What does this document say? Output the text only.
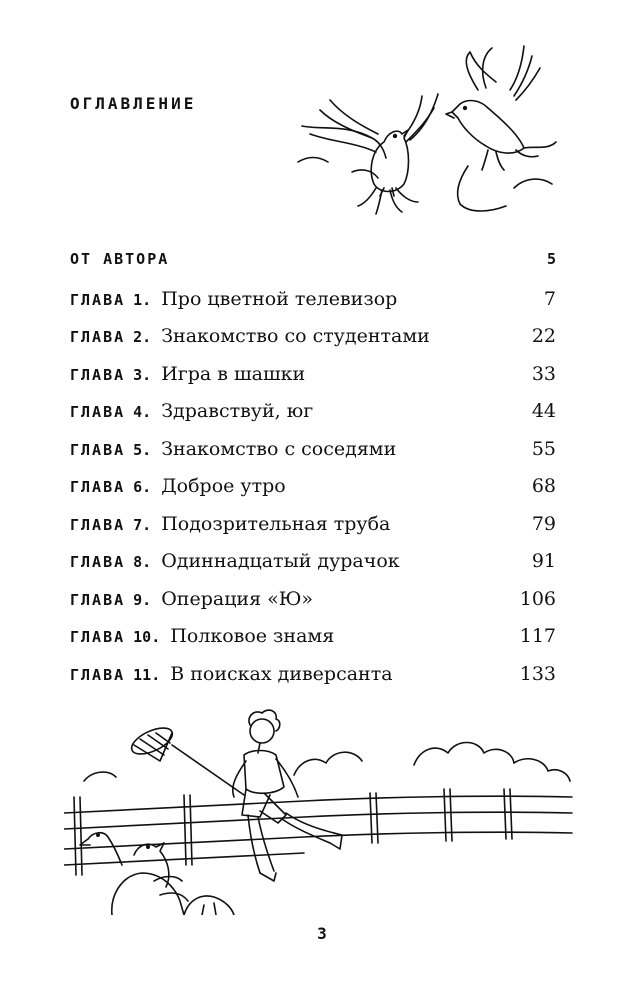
ОГЛАВЛЕНИЕ
ОТ АВТОРА	5
ГЛАВА 1. Про цветной телевизор	7
ГЛАВА 2. Знакомство со студентами	22
ГЛАВА 3. Игра в шашки	33
ГЛАВА 4. Здравствуй, юг	44
ГЛАВА 5. Знакомство с соседями	55
ГЛАВА 6. Доброе утро	68
ГЛАВА 7. Подозрительная труба	79
ГЛАВА 8. Одиннадцатый дурачок	91
ГЛАВА 9. Операция «Ю»	106
ГЛАВА 10. Полковое знамя	117
ГЛАВА 11. В поисках диверсанта	133
3
